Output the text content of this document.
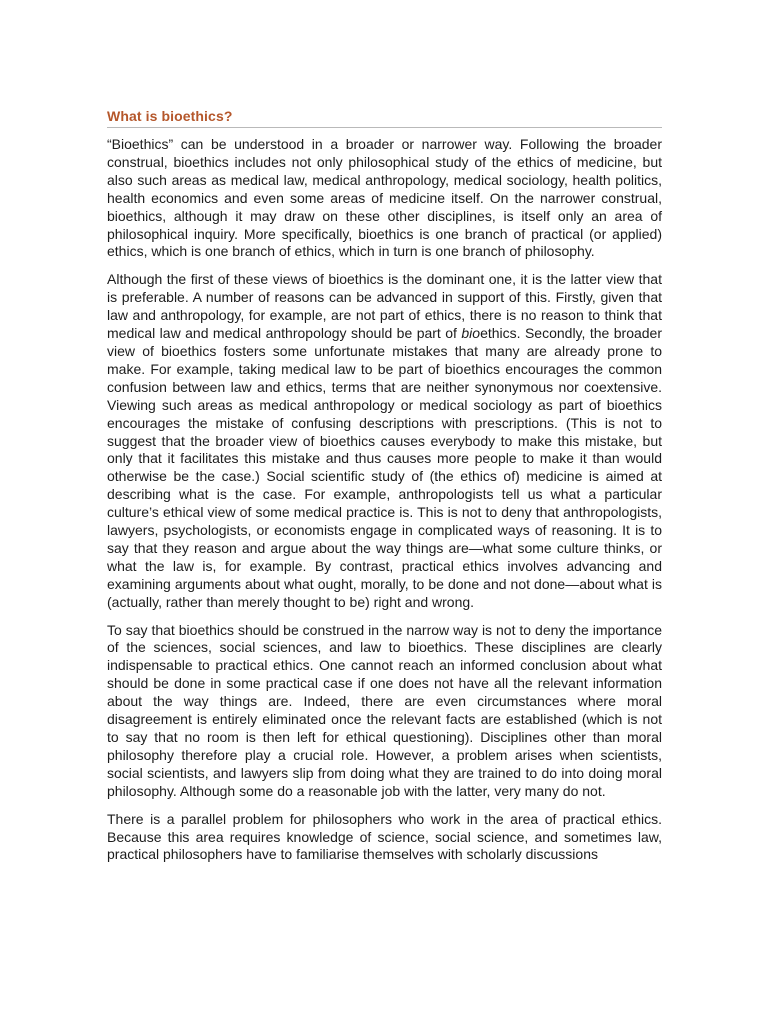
What is bioethics?

“Bioethics” can be understood in a broader or narrower way. Following the broader construal, bioethics includes not only philosophical study of the ethics of medicine, but also such areas as medical law, medical anthropology, medical sociology, health politics, health economics and even some areas of medicine itself. On the narrower construal, bioethics, although it may draw on these other disciplines, is itself only an area of philosophical inquiry. More specifically, bioethics is one branch of practical (or applied) ethics, which is one branch of ethics, which in turn is one branch of philosophy.

Although the first of these views of bioethics is the dominant one, it is the latter view that is preferable. A number of reasons can be advanced in support of this. Firstly, given that law and anthropology, for example, are not part of ethics, there is no reason to think that medical law and medical anthropology should be part of bioethics. Secondly, the broader view of bioethics fosters some unfortunate mistakes that many are already prone to make. For example, taking medical law to be part of bioethics encourages the common confusion between law and ethics, terms that are neither synonymous nor coextensive. Viewing such areas as medical anthropology or medical sociology as part of bioethics encourages the mistake of confusing descriptions with prescriptions. (This is not to suggest that the broader view of bioethics causes everybody to make this mistake, but only that it facilitates this mistake and thus causes more people to make it than would otherwise be the case.) Social scientific study of (the ethics of) medicine is aimed at describing what is the case. For example, anthropologists tell us what a particular culture’s ethical view of some medical practice is. This is not to deny that anthropologists, lawyers, psychologists, or economists engage in complicated ways of reasoning. It is to say that they reason and argue about the way things are—what some culture thinks, or what the law is, for example. By contrast, practical ethics involves advancing and examining arguments about what ought, morally, to be done and not done—about what is (actually, rather than merely thought to be) right and wrong.

To say that bioethics should be construed in the narrow way is not to deny the importance of the sciences, social sciences, and law to bioethics. These disciplines are clearly indispensable to practical ethics. One cannot reach an informed conclusion about what should be done in some practical case if one does not have all the relevant information about the way things are. Indeed, there are even circumstances where moral disagreement is entirely eliminated once the relevant facts are established (which is not to say that no room is then left for ethical questioning). Disciplines other than moral philosophy therefore play a crucial role. However, a problem arises when scientists, social scientists, and lawyers slip from doing what they are trained to do into doing moral philosophy. Although some do a reasonable job with the latter, very many do not.

There is a parallel problem for philosophers who work in the area of practical ethics. Because this area requires knowledge of science, social science, and sometimes law, practical philosophers have to familiarise themselves with scholarly discussions
